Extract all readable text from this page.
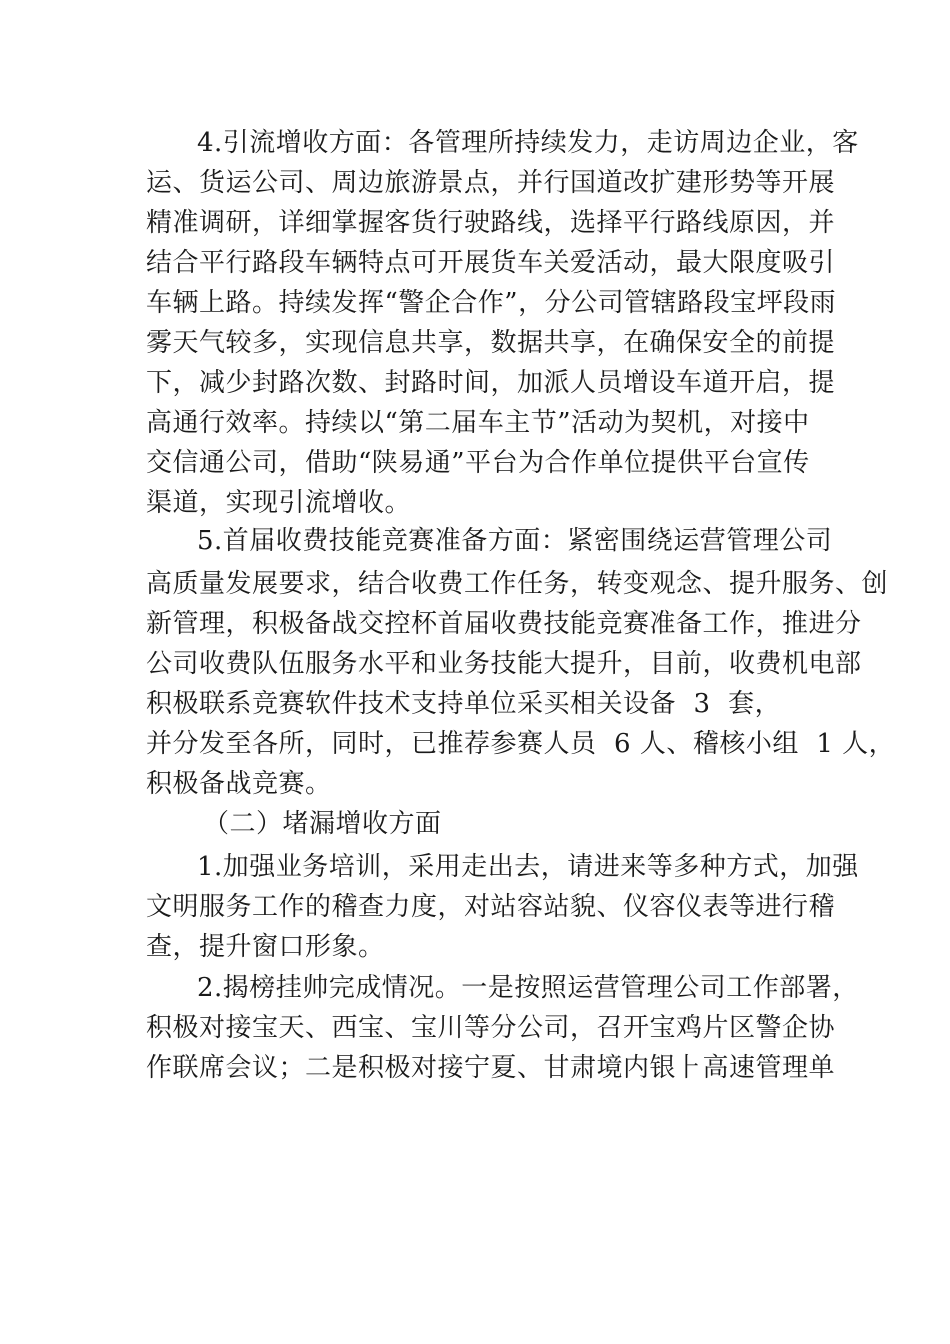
4.引流增收方面：各管理所持续发力，走访周边企业，客
运、货运公司、周边旅游景点，并行国道改扩建形势等开展
精准调研，详细掌握客货行驶路线，选择平行路线原因，并
结合平行路段车辆特点可开展货车关爱活动，最大限度吸引
车辆上路。持续发挥“警企合作”，分公司管辖路段宝坪段雨
雾天气较多，实现信息共享，数据共享，在确保安全的前提
下，减少封路次数、封路时间，加派人员增设车道开启，提
高通行效率。持续以“第二届车主节”活动为契机，对接中
交信通公司，借助“陕易通”平台为合作单位提供平台宣传
渠道，实现引流增收。
5.首届收费技能竞赛准备方面：紧密围绕运营管理公司
高质量发展要求，结合收费工作任务，转变观念、提升服务、创
新管理，积极备战交控杯首届收费技能竞赛准备工作，推进分
公司收费队伍服务水平和业务技能大提升，目前，收费机电部
积极联系竞赛软件技术支持单位采买相关设备  3  套，
并分发至各所，同时，已推荐参赛人员  6 人、稽核小组  1 人，
积极备战竞赛。
（二）堵漏增收方面
1.加强业务培训，采用走出去，请进来等多种方式，加强
文明服务工作的稽查力度，对站容站貌、仪容仪表等进行稽
查，提升窗口形象。
2.揭榜挂帅完成情况。一是按照运营管理公司工作部署，
积极对接宝天、西宝、宝川等分公司，召开宝鸡片区警企协
作联席会议；二是积极对接宁夏、甘肃境内银⺊高速管理单
